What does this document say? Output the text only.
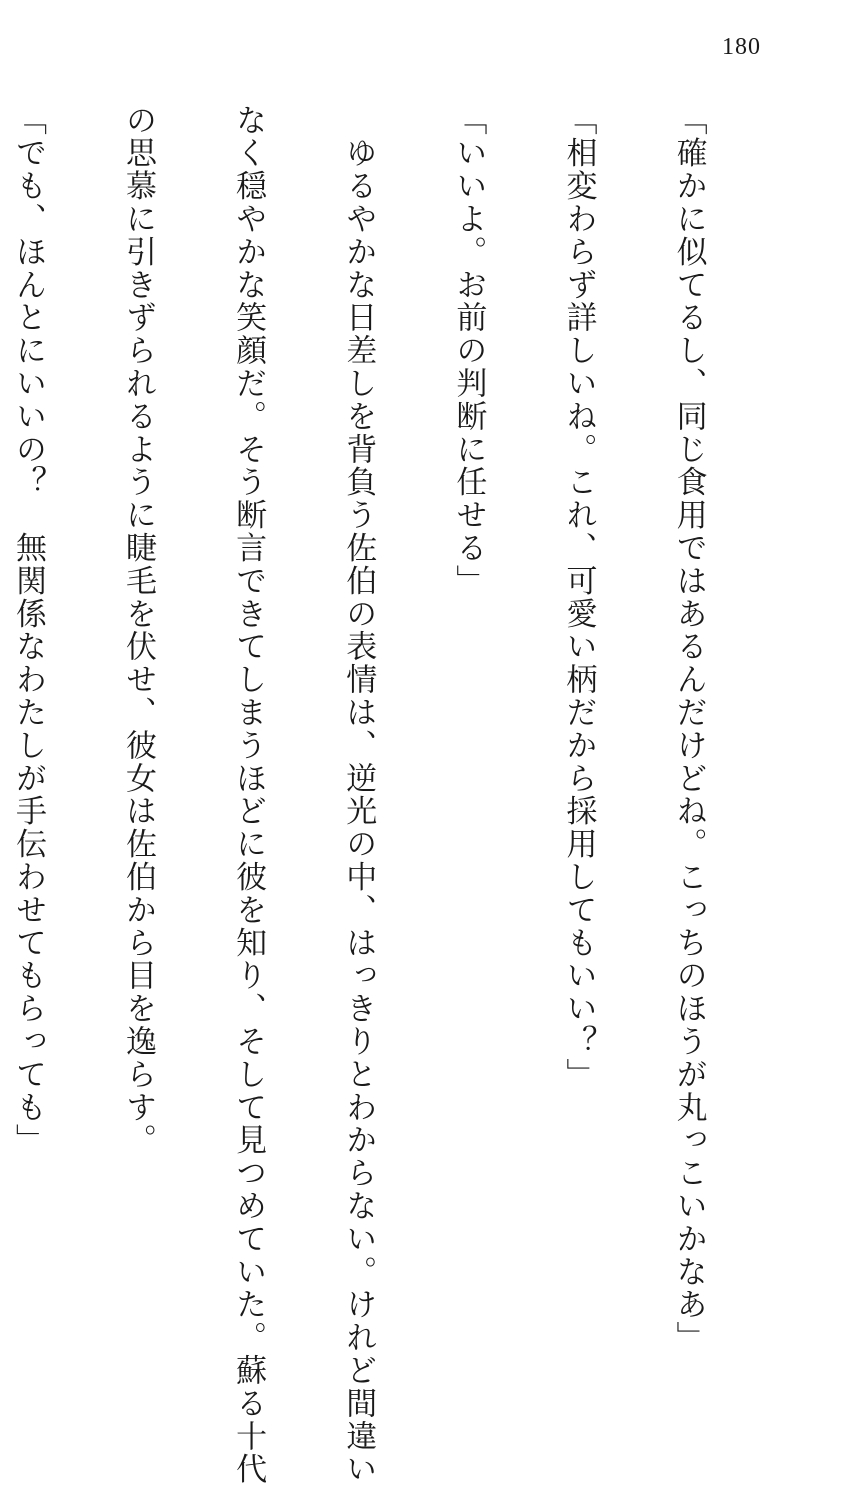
180

「確かに似てるし、同じ食用ではあるんだけどね。こっちのほうが丸っこいかなあ」

「相変わらず詳しいね。これ、可愛い柄だから採用してもいい？」

「いいよ。お前の判断に任せる」

　ゆるやかな日差しを背負う佐伯の表情は、逆光の中、はっきりとわからない。けれど間違い

なく穏やかな笑顔だ。そう断言できてしまうほどに彼を知り、そして見つめていた。蘇る十代

の思慕に引きずられるように睫毛を伏せ、彼女は佐伯から目を逸らす。

「でも、ほんとにいいの？　無関係なわたしが手伝わせてもらっても」
